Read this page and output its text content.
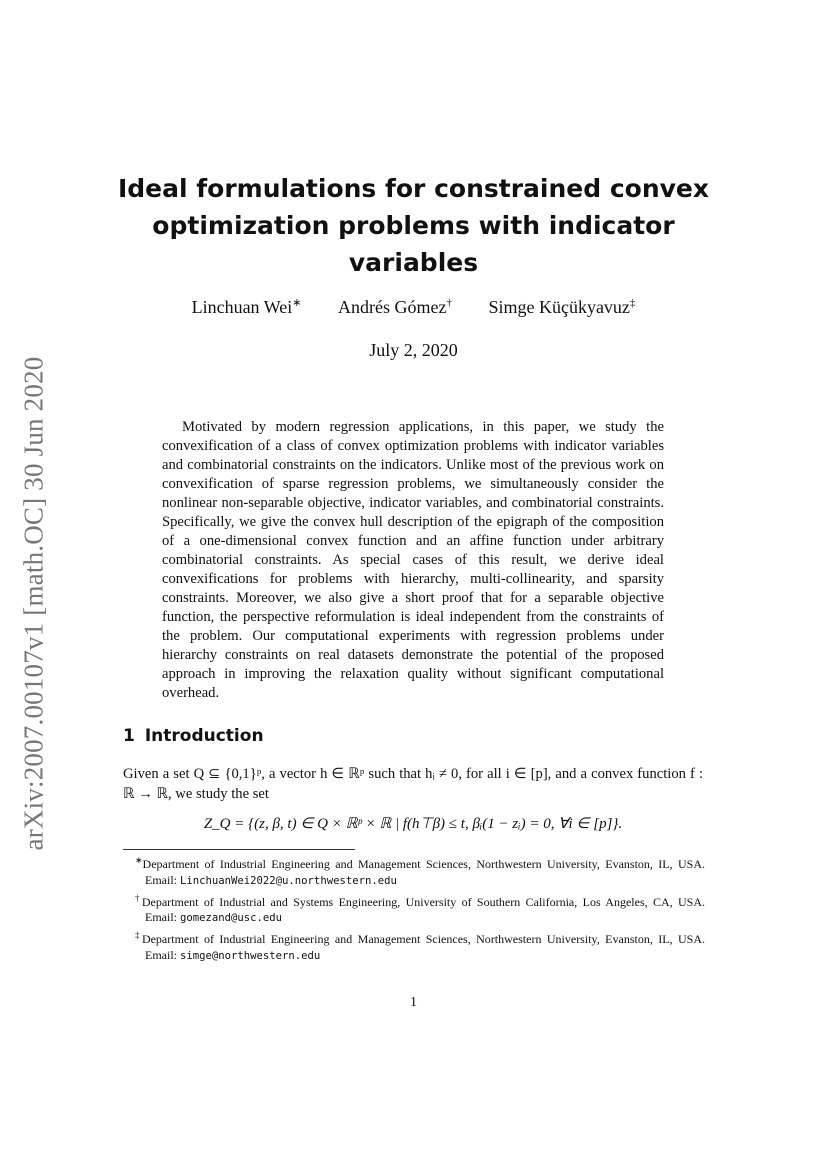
arXiv:2007.00107v1 [math.OC] 30 Jun 2020
Ideal formulations for constrained convex optimization problems with indicator variables
Linchuan Wei∗ Andrés Gómez† Simge Küçükyavuz‡
July 2, 2020

Motivated by modern regression applications, in this paper, we study the convexification of a class of convex optimization problems with indicator variables and combinatorial constraints on the indicators. Unlike most of the previous work on convexification of sparse regression problems, we simultaneously consider the nonlinear non-separable objective, indicator variables, and combinatorial constraints. Specifically, we give the convex hull description of the epigraph of the composition of a one-dimensional convex function and an affine function under arbitrary combinatorial constraints. As special cases of this result, we derive ideal convexifications for problems with hierarchy, multi-collinearity, and sparsity constraints. Moreover, we also give a short proof that for a separable objective function, the perspective reformulation is ideal independent from the constraints of the problem. Our computational experiments with regression problems under hierarchy constraints on real datasets demonstrate the potential of the proposed approach in improving the relaxation quality without significant computational overhead.

1 Introduction

Given a set Q ⊆ {0,1}ᵖ, a vector h ∈ ℝᵖ such that hᵢ ≠ 0, for all i ∈ [p], and a convex function f : ℝ → ℝ, we study the set

Z_Q = {(z, β, t) ∈ Q × ℝᵖ × ℝ | f(h⊤β) ≤ t, βᵢ(1 − zᵢ) = 0, ∀i ∈ [p]}.
∗Department of Industrial Engineering and Management Sciences, Northwestern University, Evanston, IL, USA. Email: LinchuanWei2022@u.northwestern.edu
†Department of Industrial and Systems Engineering, University of Southern California, Los Angeles, CA, USA. Email: gomezand@usc.edu
‡Department of Industrial Engineering and Management Sciences, Northwestern University, Evanston, IL, USA. Email: simge@northwestern.edu
1
